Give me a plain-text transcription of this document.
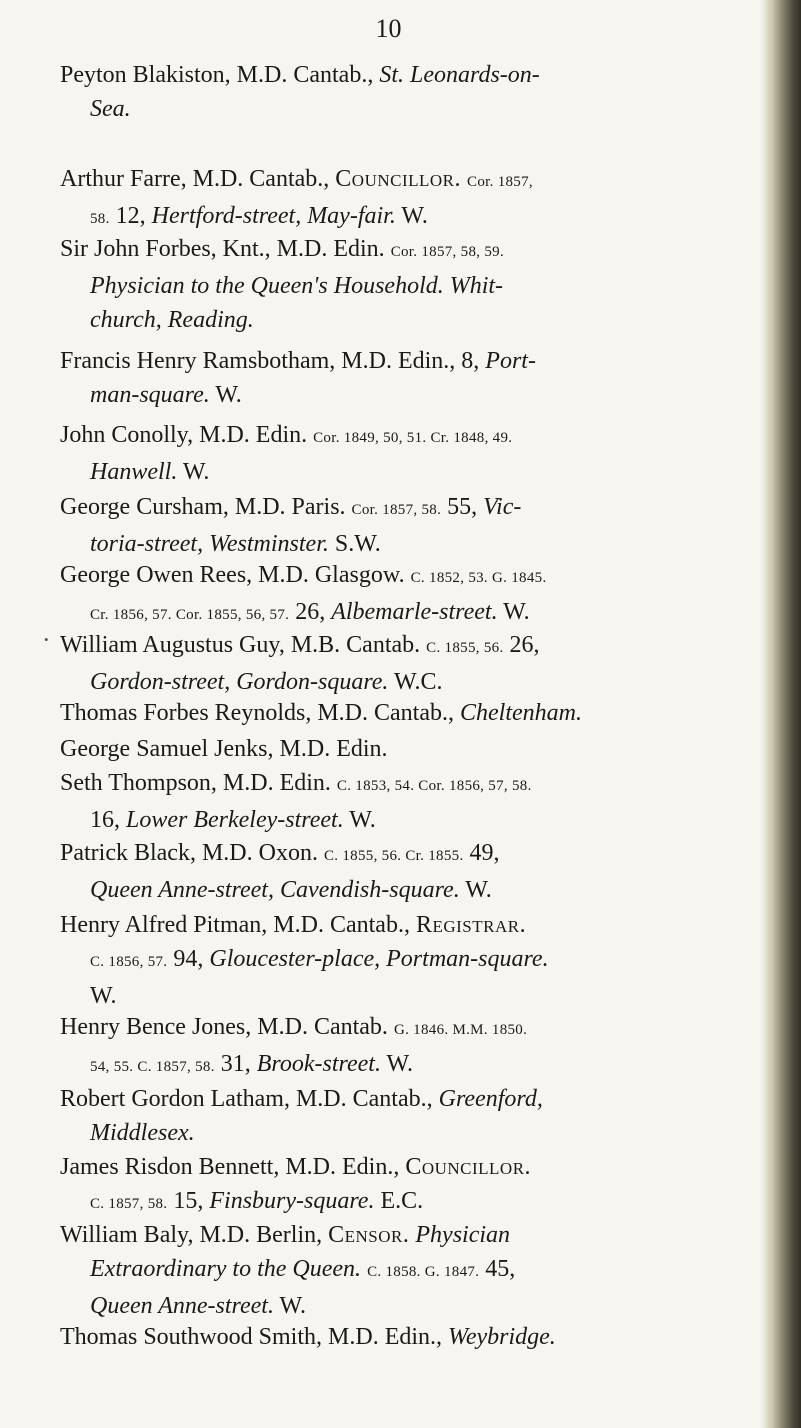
10
•
Peyton Blakiston, M.D. Cantab., St. Leonards-on-
Sea.
Arthur Farre, M.D. Cantab., Councillor. Cor. 1857,
58. 12, Hertford-street, May-fair. W.
Sir John Forbes, Knt., M.D. Edin. Cor. 1857, 58, 59.
Physician to the Queen's Household. Whit-
church, Reading.
Francis Henry Ramsbotham, M.D. Edin., 8, Port-
man-square. W.
John Conolly, M.D. Edin. Cor. 1849, 50, 51. Cr. 1848, 49.
Hanwell. W.
George Cursham, M.D. Paris. Cor. 1857, 58. 55, Vic-
toria-street, Westminster. S.W.
George Owen Rees, M.D. Glasgow. C. 1852, 53. G. 1845.
Cr. 1856, 57. Cor. 1855, 56, 57. 26, Albemarle-street. W.
William Augustus Guy, M.B. Cantab. C. 1855, 56. 26,
Gordon-street, Gordon-square. W.C.
Thomas Forbes Reynolds, M.D. Cantab., Cheltenham.
George Samuel Jenks, M.D. Edin.
Seth Thompson, M.D. Edin. C. 1853, 54. Cor. 1856, 57, 58.
16, Lower Berkeley-street. W.
Patrick Black, M.D. Oxon. C. 1855, 56. Cr. 1855. 49,
Queen Anne-street, Cavendish-square. W.
Henry Alfred Pitman, M.D. Cantab., Registrar.
C. 1856, 57. 94, Gloucester-place, Portman-square.
W.
Henry Bence Jones, M.D. Cantab. G. 1846. M.M. 1850.
54, 55. C. 1857, 58. 31, Brook-street. W.
Robert Gordon Latham, M.D. Cantab., Greenford,
Middlesex.
James Risdon Bennett, M.D. Edin., Councillor.
C. 1857, 58. 15, Finsbury-square. E.C.
William Baly, M.D. Berlin, Censor. Physician
Extraordinary to the Queen. C. 1858. G. 1847. 45,
Queen Anne-street. W.
Thomas Southwood Smith, M.D. Edin., Weybridge.
